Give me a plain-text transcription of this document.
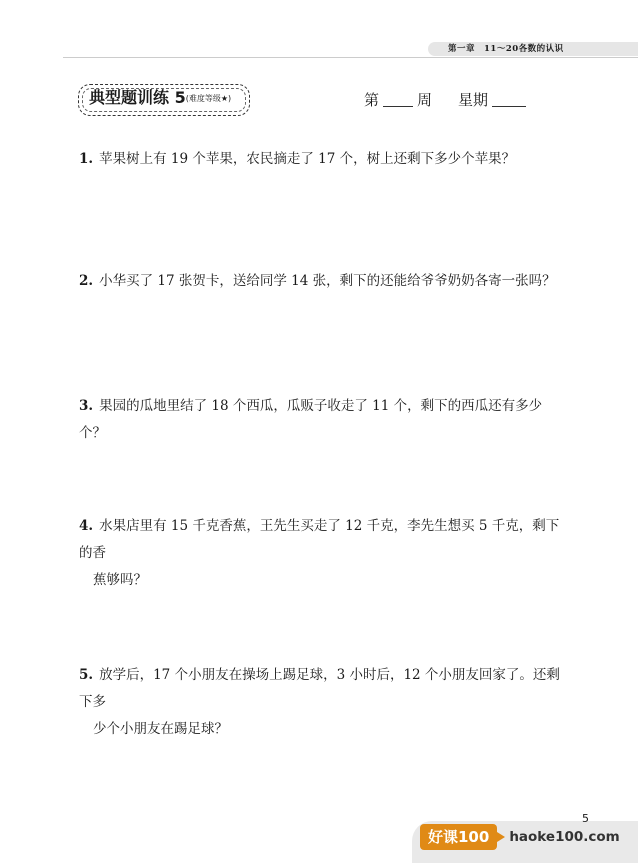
第一章　11～20各数的认识
典型题训练 5(难度等级★)	第	周 星期
1. 苹果树上有 19 个苹果，农民摘走了 17 个，树上还剩下多少个苹果？
2. 小华买了 17 张贺卡，送给同学 14 张，剩下的还能给爷爷奶奶各寄一张吗？
3. 果园的瓜地里结了 18 个西瓜，瓜贩子收走了 11 个，剩下的西瓜还有多少个？
4. 水果店里有 15 千克香蕉，王先生买走了 12 千克，李先生想买 5 千克，剩下的香
蕉够吗？
5. 放学后，17 个小朋友在操场上踢足球，3 小时后，12 个小朋友回家了。还剩下多
少个小朋友在踢足球？
5
好课100	haoke100.com
